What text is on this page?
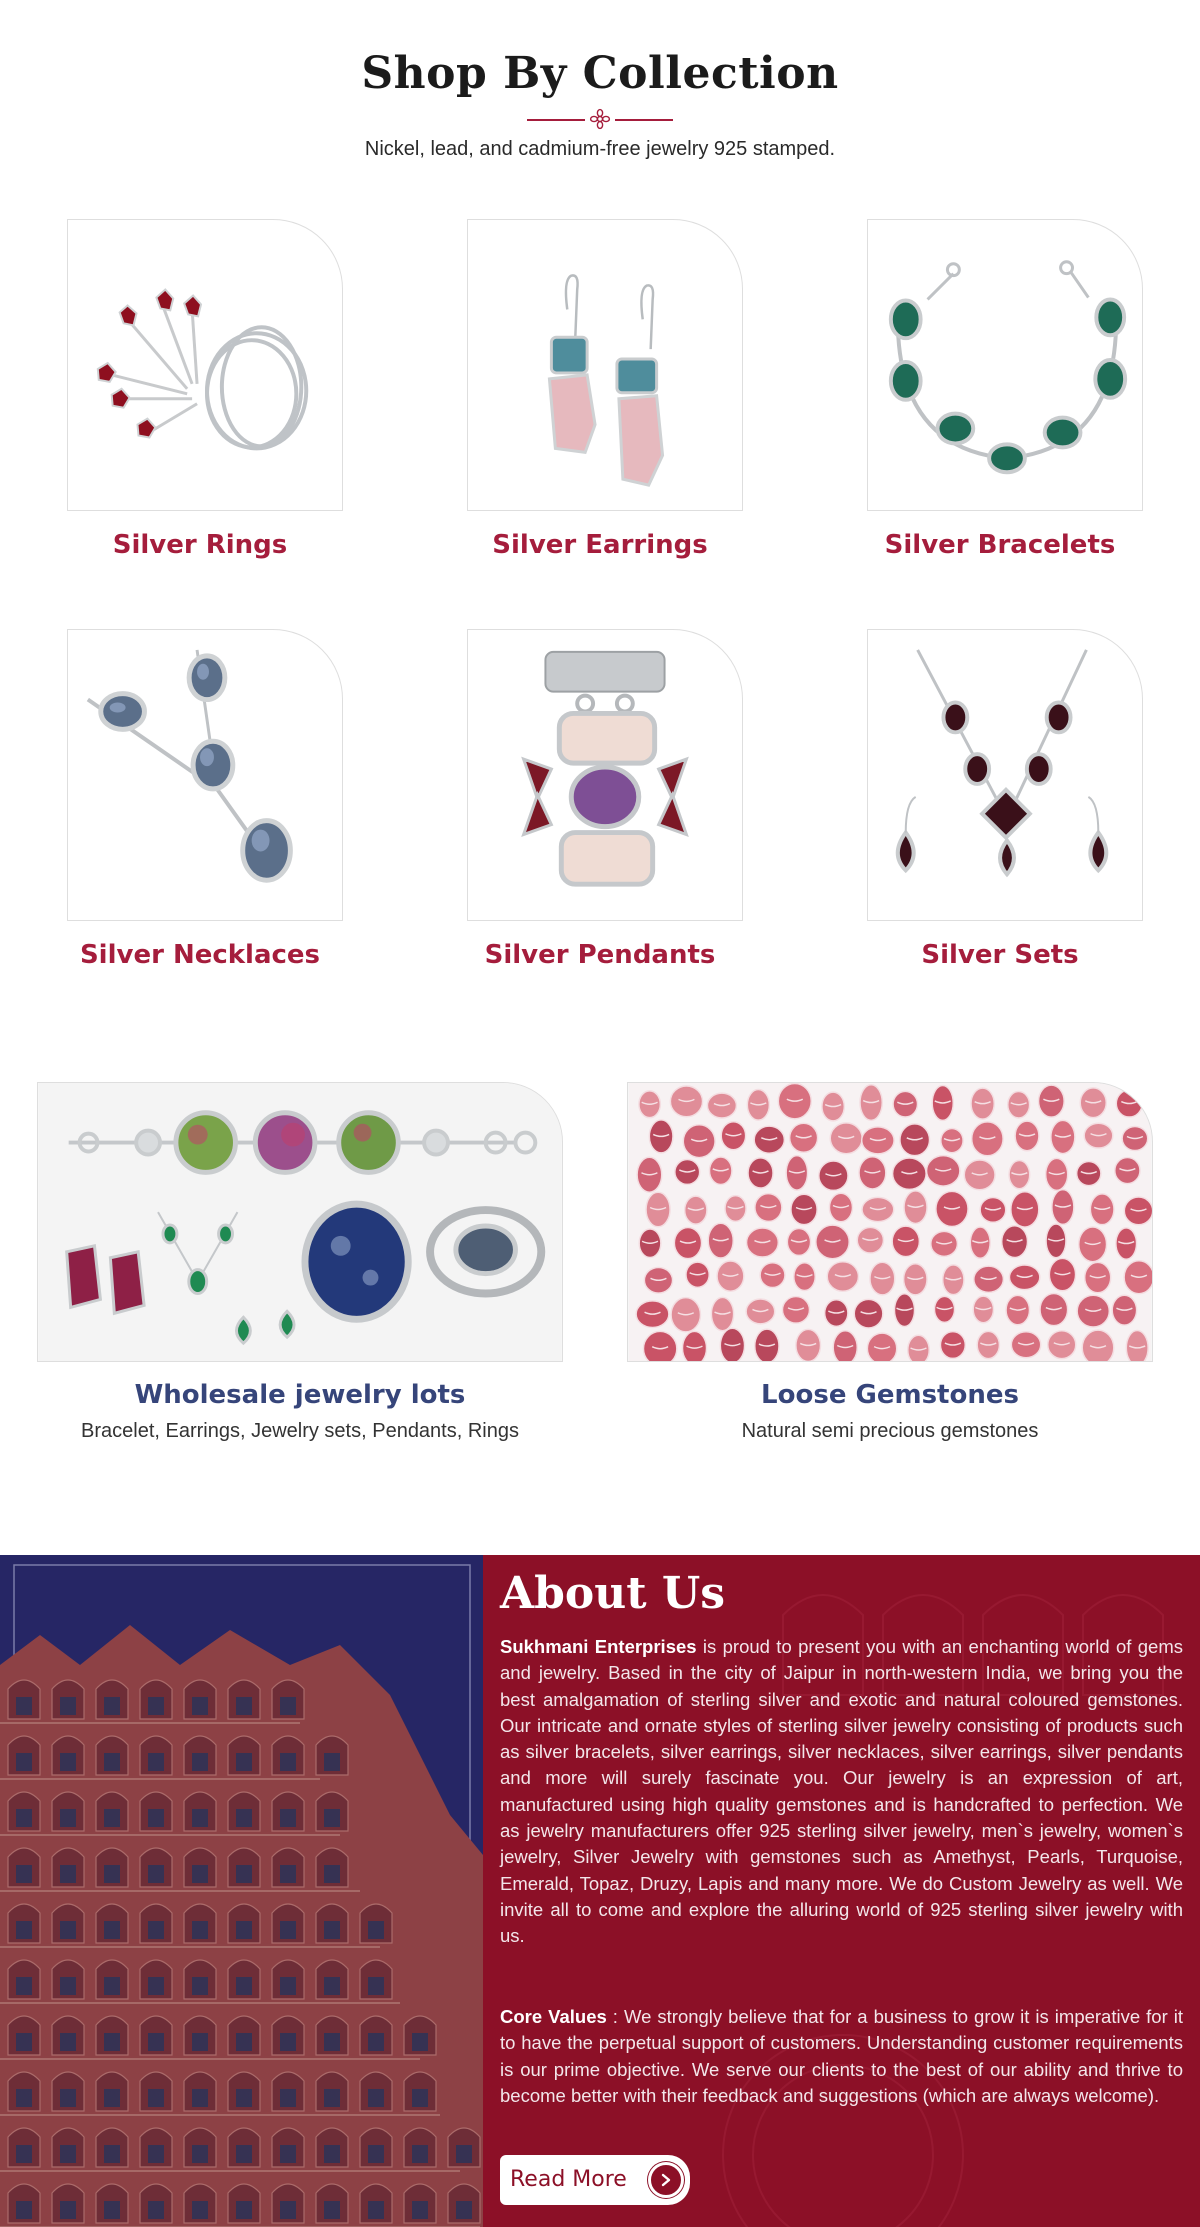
Shop By Collection

Nickel, lead, and cadmium-free jewelry 925 stamped.

Silver Rings	Silver Earrings	Silver Bracelets
Silver Necklaces	Silver Pendants	Silver Sets
Wholesale jewelry lots
Bracelet, Earrings, Jewelry sets, Pendants, Rings
Loose Gemstones
Natural semi precious gemstones
About Us

Sukhmani Enterprises is proud to present you with an enchanting world of gems and jewelry. Based in the city of Jaipur in north-western India, we bring you the best amalgamation of sterling silver and exotic and natural coloured gemstones. Our intricate and ornate styles of sterling silver jewelry consisting of products such as silver bracelets, silver earrings, silver necklaces, silver earrings, silver pendants and more will surely fascinate you. Our jewelry is an expression of art, manufactured using high quality gemstones and is handcrafted to perfection. We as jewelry manufacturers offer 925 sterling silver jewelry, men`s jewelry, women`s jewelry, Silver Jewelry with gemstones such as Amethyst, Pearls, Turquoise, Emerald, Topaz, Druzy, Lapis and many more. We do Custom Jewelry as well. We invite all to come and explore the alluring world of 925 sterling silver jewelry with us.

Core Values : We strongly believe that for a business to grow it is imperative for it to have the perpetual support of customers. Understanding customer requirements is our prime objective. We serve our clients to the best of our ability and thrive to become better with their feedback and suggestions (which are always welcome).

Read More
